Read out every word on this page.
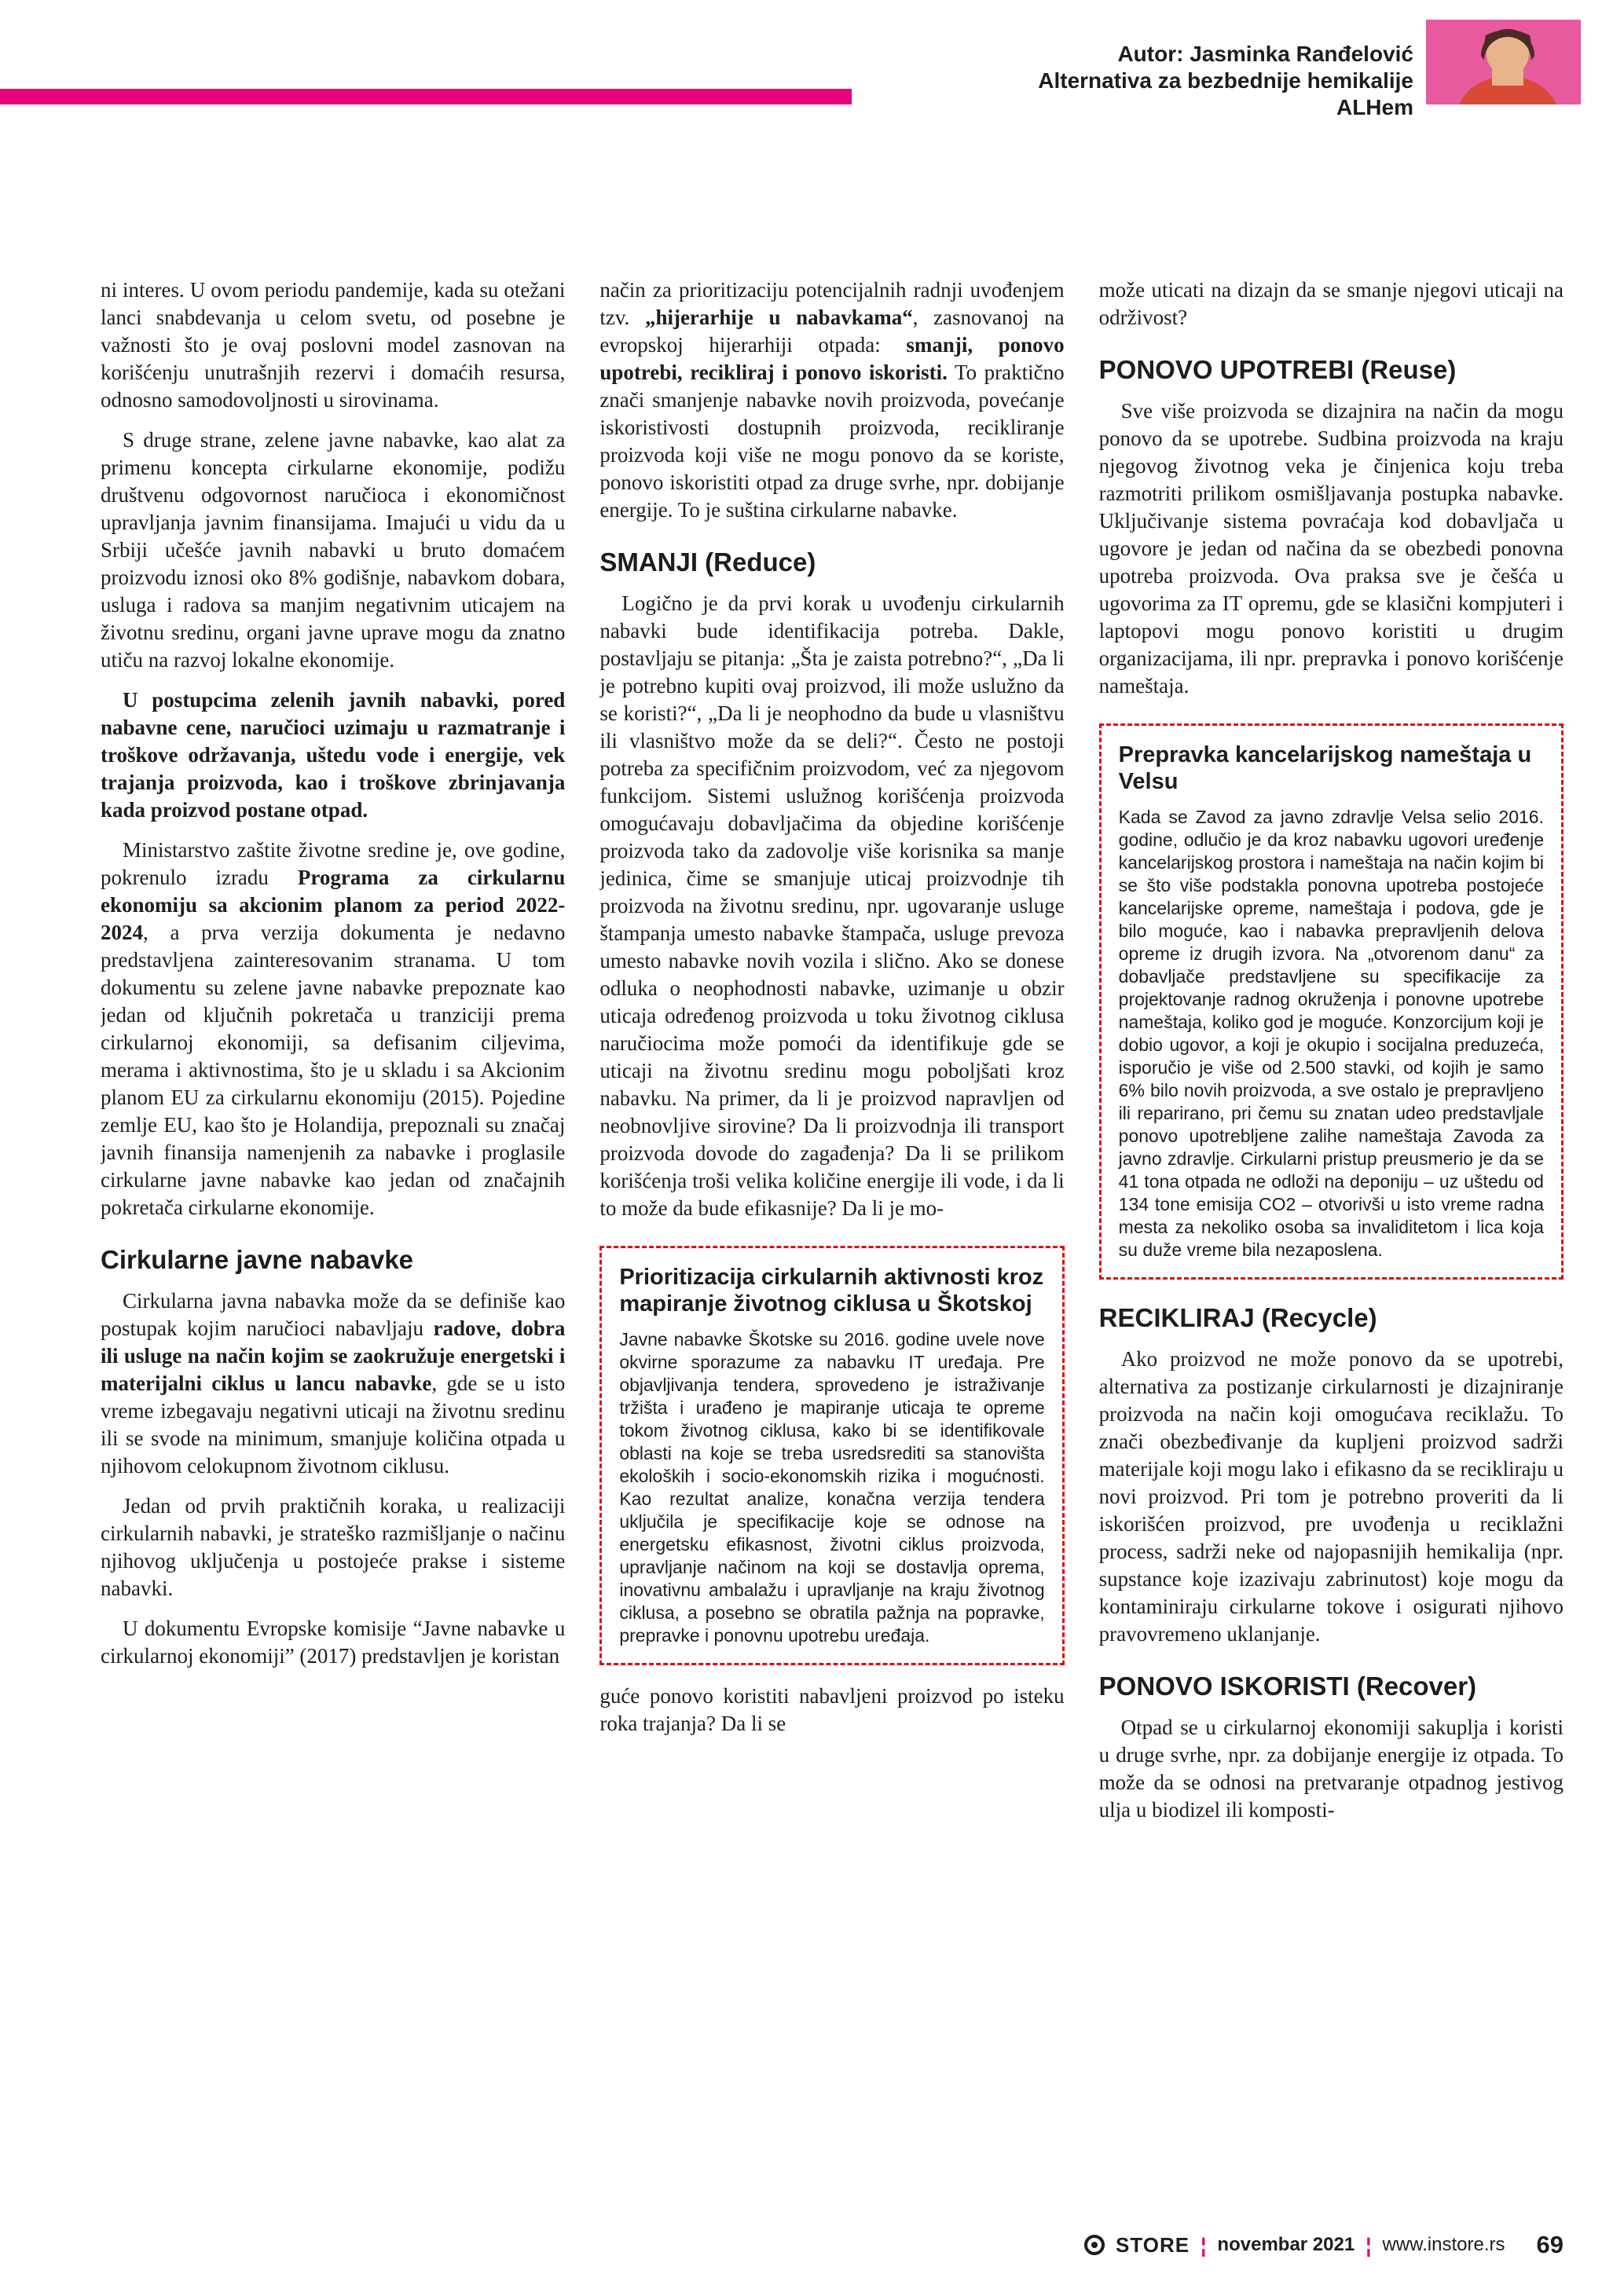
Autor: Jasminka Ranđelović
Alternativa za bezbednije hemikalije
ALHem

ni interes. U ovom periodu pandemije, kada su otežani lanci snabdevanja u celom svetu, od posebne je važnosti što je ovaj poslovni model zasnovan na korišćenju unutrašnjih rezervi i domaćih resursa, odnosno samodovoljnosti u sirovinama.

S druge strane, zelene javne nabavke, kao alat za primenu koncepta cirkularne ekonomije, podižu društvenu odgovornost naručioca i ekonomičnost upravljanja javnim finansijama. Imajući u vidu da u Srbiji učešće javnih nabavki u bruto domaćem proizvodu iznosi oko 8% godišnje, nabavkom dobara, usluga i radova sa manjim negativnim uticajem na životnu sredinu, organi javne uprave mogu da znatno utiču na razvoj lokalne ekonomije.

U postupcima zelenih javnih nabavki, pored nabavne cene, naručioci uzimaju u razmatranje i troškove održavanja, uštedu vode i energije, vek trajanja proizvoda, kao i troškove zbrinjavanja kada proizvod postane otpad.

Ministarstvo zaštite životne sredine je, ove godine, pokrenulo izradu Programa za cirkularnu ekonomiju sa akcionim planom za period 2022-2024, a prva verzija dokumenta je nedavno predstavljena zainteresovanim stranama. U tom dokumentu su zelene javne nabavke prepoznate kao jedan od ključnih pokretača u tranziciji prema cirkularnoj ekonomiji, sa defisanim ciljevima, merama i aktivnostima, što je u skladu i sa Akcionim planom EU za cirkularnu ekonomiju (2015). Pojedine zemlje EU, kao što je Holandija, prepoznali su značaj javnih finansija namenjenih za nabavke i proglasile cirkularne javne nabavke kao jedan od značajnih pokretača cirkularne ekonomije.

Cirkularne javne nabavke

Cirkularna javna nabavka može da se definiše kao postupak kojim naručioci nabavljaju radove, dobra ili usluge na način kojim se zaokružuje energetski i materijalni ciklus u lancu nabavke, gde se u isto vreme izbegavaju negativni uticaji na životnu sredinu ili se svode na minimum, smanjuje količina otpada u njihovom celokupnom životnom ciklusu.

Jedan od prvih praktičnih koraka, u realizaciji cirkularnih nabavki, je strateško razmišljanje o načinu njihovog uključenja u postojeće prakse i sisteme nabavki.

U dokumentu Evropske komisije “Javne nabavke u cirkularnoj ekonomiji” (2017) predstavljen je koristan

način za prioritizaciju potencijalnih radnji uvođenjem tzv. „hijerarhije u nabavkama“, zasnovanoj na evropskoj hijerarhiji otpada: smanji, ponovo upotrebi, recikliraj i ponovo iskoristi. To praktično znači smanjenje nabavke novih proizvoda, povećanje iskoristivosti dostupnih proizvoda, recikliranje proizvoda koji više ne mogu ponovo da se koriste, ponovo iskoristiti otpad za druge svrhe, npr. dobijanje energije. To je suština cirkularne nabavke.

SMANJI (Reduce)

Logično je da prvi korak u uvođenju cirkularnih nabavki bude identifikacija potreba. Dakle, postavljaju se pitanja: „Šta je zaista potrebno?“, „Da li je potrebno kupiti ovaj proizvod, ili može uslužno da se koristi?“, „Da li je neophodno da bude u vlasništvu ili vlasništvo može da se deli?“. Često ne postoji potreba za specifičnim proizvodom, već za njegovom funkcijom. Sistemi uslužnog korišćenja proizvoda omogućavaju dobavljačima da objedine korišćenje proizvoda tako da zadovolje više korisnika sa manje jedinica, čime se smanjuje uticaj proizvodnje tih proizvoda na životnu sredinu, npr. ugovaranje usluge štampanja umesto nabavke štampača, usluge prevoza umesto nabavke novih vozila i slično. Ako se donese odluka o neophodnosti nabavke, uzimanje u obzir uticaja određenog proizvoda u toku životnog ciklusa naručiocima može pomoći da identifikuje gde se uticaji na životnu sredinu mogu poboljšati kroz nabavku. Na primer, da li je proizvod napravljen od neobnovljive sirovine? Da li proizvodnja ili transport proizvoda dovode do zagađenja? Da li se prilikom korišćenja troši velika količine energije ili vode, i da li to može da bude efikasnije? Da li je mo-

Prioritizacija cirkularnih aktivnosti kroz mapiranje životnog ciklusa u Škotskoj
Javne nabavke Škotske su 2016. godine uvele nove okvirne sporazume za nabavku IT uređaja. Pre objavljivanja tendera, sprovedeno je istraživanje tržišta i urađeno je mapiranje uticaja te opreme tokom životnog ciklusa, kako bi se identifikovale oblasti na koje se treba usredsrediti sa stanovišta ekoloških i socio-ekonomskih rizika i mogućnosti. Kao rezultat analize, konačna verzija tendera uključila je specifikacije koje se odnose na energetsku efikasnost, životni ciklus proizvoda, upravljanje načinom na koji se dostavlja oprema, inovativnu ambalažu i upravljanje na kraju životnog ciklusa, a posebno se obratila pažnja na popravke, prepravke i ponovnu upotrebu uređaja.

guće ponovo koristiti nabavljeni proizvod po isteku roka trajanja? Da li se

može uticati na dizajn da se smanje njegovi uticaji na održivost?

PONOVO UPOTREBI (Reuse)

Sve više proizvoda se dizajnira na način da mogu ponovo da se upotrebe. Sudbina proizvoda na kraju njegovog životnog veka je činjenica koju treba razmotriti prilikom osmišljavanja postupka nabavke. Uključivanje sistema povraćaja kod dobavljača u ugovore je jedan od načina da se obezbedi ponovna upotreba proizvoda. Ova praksa sve je češća u ugovorima za IT opremu, gde se klasični kompjuteri i laptopovi mogu ponovo koristiti u drugim organizacijama, ili npr. prepravka i ponovo korišćenje nameštaja.

Prepravka kancelarijskog nameštaja u Velsu
Kada se Zavod za javno zdravlje Velsa selio 2016. godine, odlučio je da kroz nabavku ugovori uređenje kancelarijskog prostora i nameštaja na način kojim bi se što više podstakla ponovna upotreba postojeće kancelarijske opreme, nameštaja i podova, gde je bilo moguće, kao i nabavka prepravljenih delova opreme iz drugih izvora. Na „otvorenom danu“ za dobavljače predstavljene su specifikacije za projektovanje radnog okruženja i ponovne upotrebe nameštaja, koliko god je moguće. Konzorcijum koji je dobio ugovor, a koji je okupio i socijalna preduzeća, isporučio je više od 2.500 stavki, od kojih je samo 6% bilo novih proizvoda, a sve ostalo je prepravljeno ili reparirano, pri čemu su znatan udeo predstavljale ponovo upotrebljene zalihe nameštaja Zavoda za javno zdravlje. Cirkularni pristup preusmerio je da se 41 tona otpada ne odloži na deponiju – uz uštedu od 134 tone emisija CO2 – otvorivši u isto vreme radna mesta za nekoliko osoba sa invaliditetom i lica koja su duže vreme bila nezaposlena.
RECIKLIRAJ (Recycle)

Ako proizvod ne može ponovo da se upotrebi, alternativa za postizanje cirkularnosti je dizajniranje proizvoda na način koji omogućava reciklažu. To znači obezbeđivanje da kupljeni proizvod sadrži materijale koji mogu lako i efikasno da se recikliraju u novi proizvod. Pri tom je potrebno proveriti da li iskorišćen proizvod, pre uvođenja u reciklažni process, sadrži neke od najopasnijih hemikalija (npr. supstance koje izazivaju zabrinutost) koje mogu da kontaminiraju cirkularne tokove i osigurati njihovo pravovremeno uklanjanje.

PONOVO ISKORISTI (Recover)

Otpad se u cirkularnoj ekonomiji sakuplja i koristi u druge svrhe, npr. za dobijanje energije iz otpada. To može da se odnosi na pretvaranje otpadnog jestivog ulja u biodizel ili komposti-

STORE ¦ novembar 2021 ¦ www.instore.rs 69
